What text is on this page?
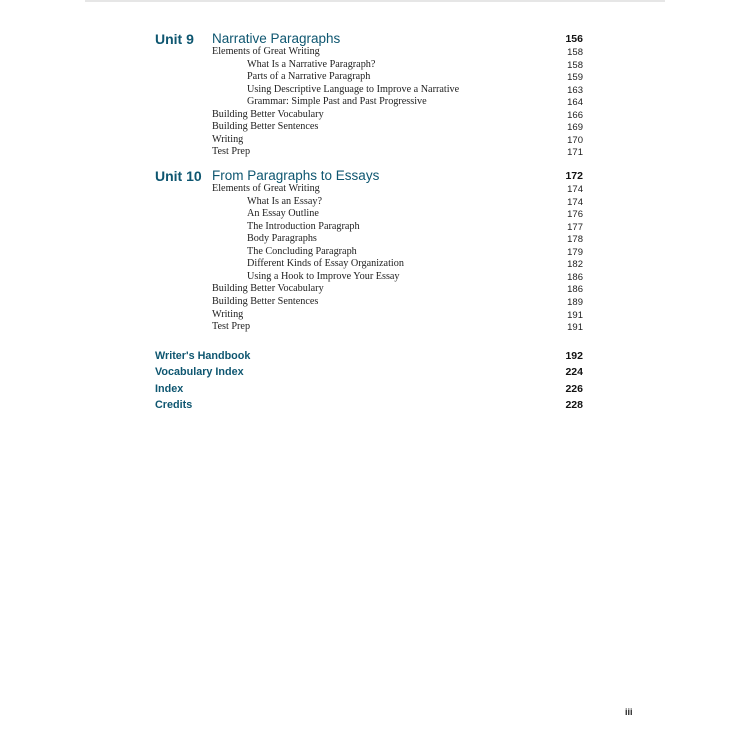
Unit 9 Narrative Paragraphs	156
Elements of Great Writing	158
What Is a Narrative Paragraph?	158
Parts of a Narrative Paragraph	159
Using Descriptive Language to Improve a Narrative	163
Grammar: Simple Past and Past Progressive	164
Building Better Vocabulary	166
Building Better Sentences	169
Writing	170
Test Prep	171
Unit 10 From Paragraphs to Essays	172
Elements of Great Writing	174
What Is an Essay?	174
An Essay Outline	176
The Introduction Paragraph	177
Body Paragraphs	178
The Concluding Paragraph	179
Different Kinds of Essay Organization	182
Using a Hook to Improve Your Essay	186
Building Better Vocabulary	186
Building Better Sentences	189
Writing	191
Test Prep	191
Writer's Handbook	192
Vocabulary Index	224
Index	226
Credits	228
iii
